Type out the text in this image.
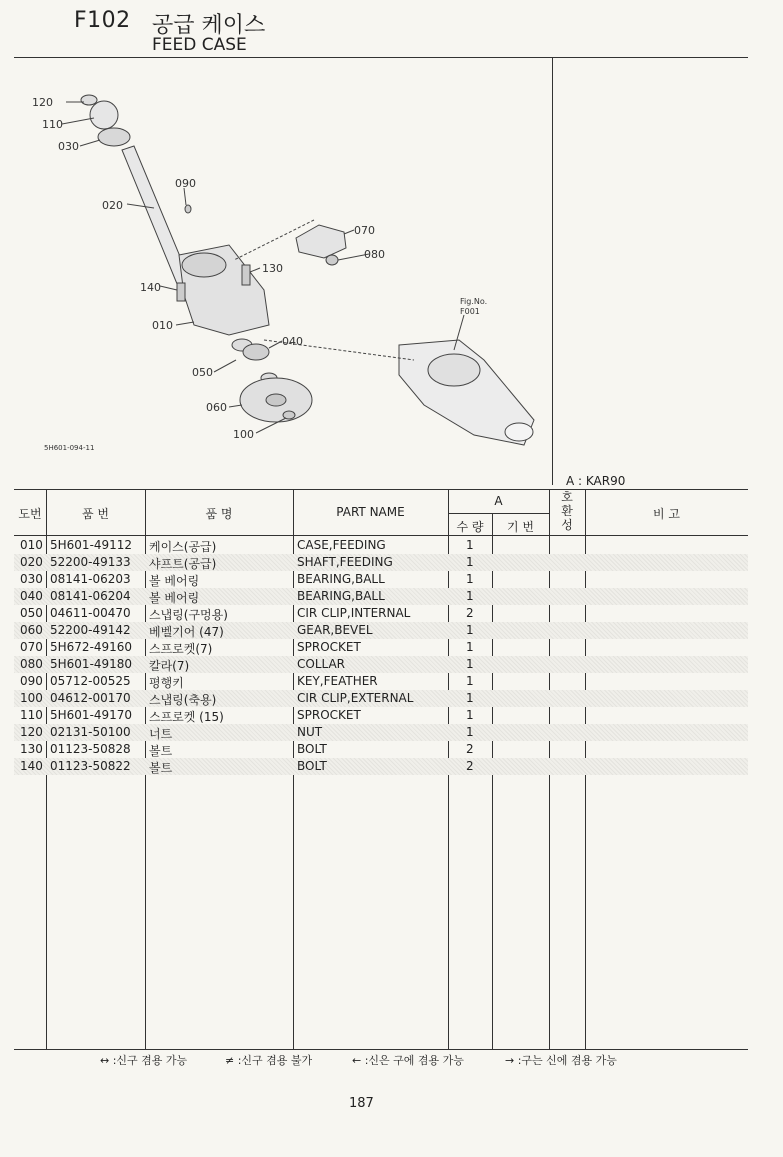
F102 공급 케이스
FEED CASE
120
110
030
090
020
070
080
130
140
010
040
050
060
100
Fig.No.
F001
5H601-094-11
A : KAR90
도번	품 번	품 명	PART NAME
A
수 량	기 번
호
환
성
비 고
010 5H601-49112 케이스(공급)	CASE,FEEDING	1
020 52200-49133 샤프트(공급)	SHAFT,FEEDING	1
030 08141-06203 볼 베어링	BEARING,BALL	1
040 08141-06204 볼 베어링	BEARING,BALL	1
050 04611-00470 스냅링(구멍용)	CIR CLIP,INTERNAL	2
060 52200-49142 베벨기어 (47)	GEAR,BEVEL	1
070 5H672-49160 스프로켓(7)	SPROCKET	1
080 5H601-49180 칼라(7)	COLLAR	1
090 05712-00525 평행키	KEY,FEATHER	1
100 04612-00170 스냅링(축용)	CIR CLIP,EXTERNAL	1
110 5H601-49170 스프로켓 (15)	SPROCKET	1
120 02131-50100 너트	NUT	1
130 01123-50828 볼트	BOLT	2
140 01123-50822 볼트	BOLT	2
↔ :신구 겸용 가능	≠ :신구 겸용 불가	← :신은 구에 겸용 가능	→ :구는 신에 겸용 가능
187
